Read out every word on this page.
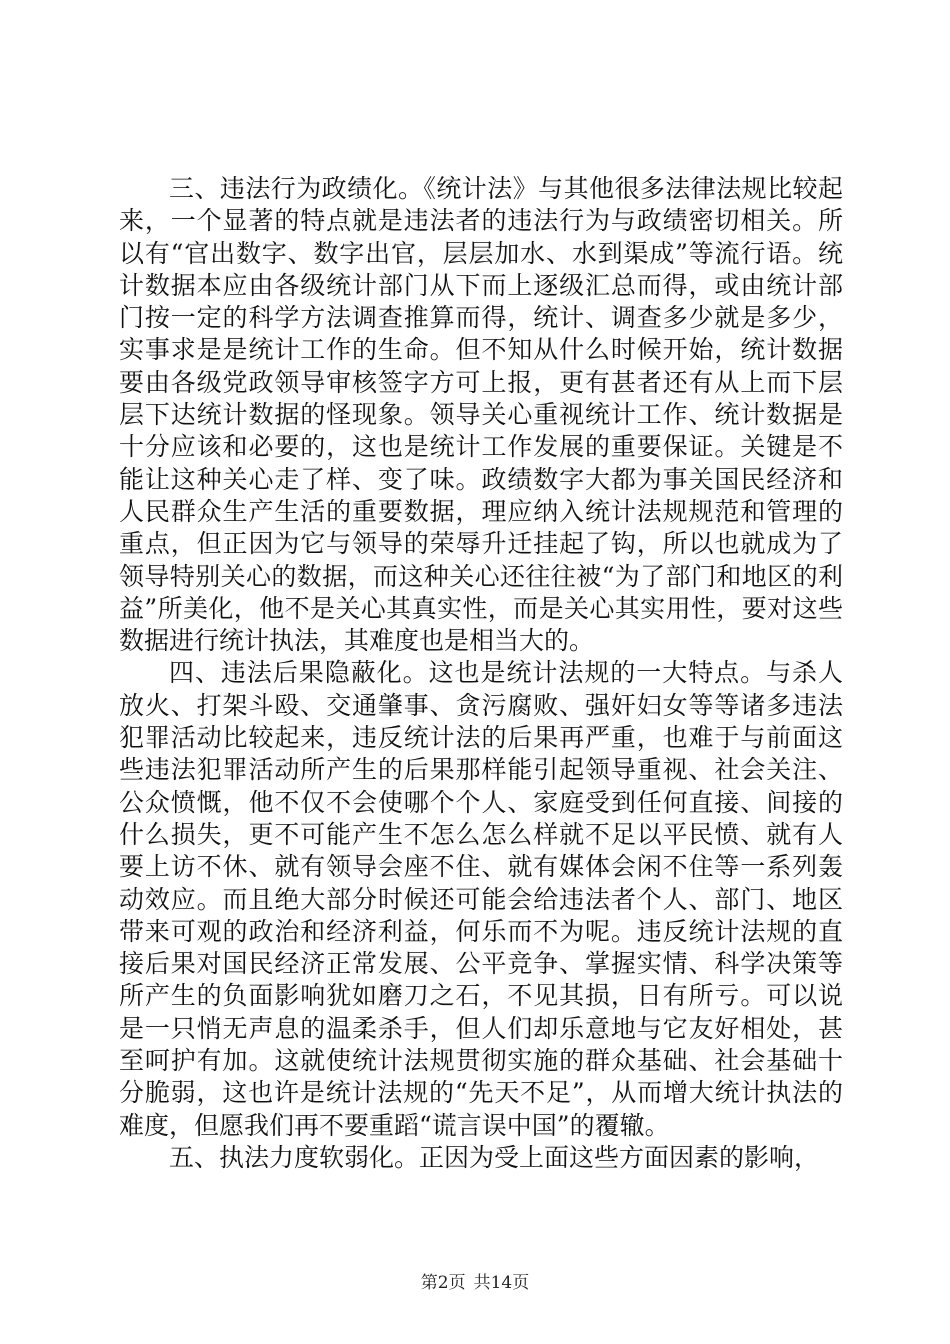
三、违法行为政绩化。《统计法》与其他很多法律法规比较起来，一个显著的特点就是违法者的违法行为与政绩密切相关。所以有“官出数字、数字出官，层层加水、水到渠成”等流行语。统计数据本应由各级统计部门从下而上逐级汇总而得，或由统计部门按一定的科学方法调查推算而得，统计、调查多少就是多少，实事求是是统计工作的生命。但不知从什么时候开始，统计数据要由各级党政领导审核签字方可上报，更有甚者还有从上而下层层下达统计数据的怪现象。领导关心重视统计工作、统计数据是十分应该和必要的，这也是统计工作发展的重要保证。关键是不能让这种关心走了样、变了味。政绩数字大都为事关国民经济和人民群众生产生活的重要数据，理应纳入统计法规规范和管理的重点，但正因为它与领导的荣辱升迁挂起了钩，所以也就成为了领导特别关心的数据，而这种关心还往往被“为了部门和地区的利益”所美化，他不是关心其真实性，而是关心其实用性，要对这些数据进行统计执法，其难度也是相当大的。

四、违法后果隐蔽化。这也是统计法规的一大特点。与杀人放火、打架斗殴、交通肇事、贪污腐败、强奸妇女等等诸多违法犯罪活动比较起来，违反统计法的后果再严重，也难于与前面这些违法犯罪活动所产生的后果那样能引起领导重视、社会关注、公众愤慨，他不仅不会使哪个个人、家庭受到任何直接、间接的什么损失，更不可能产生不怎么怎么样就不足以平民愤、就有人要上访不休、就有领导会座不住、就有媒体会闲不住等一系列轰动效应。而且绝大部分时候还可能会给违法者个人、部门、地区带来可观的政治和经济利益，何乐而不为呢。违反统计法规的直接后果对国民经济正常发展、公平竞争、掌握实情、科学决策等所产生的负面影响犹如磨刀之石，不见其损，日有所亏。可以说是一只悄无声息的温柔杀手，但人们却乐意地与它友好相处，甚至呵护有加。这就使统计法规贯彻实施的群众基础、社会基础十分脆弱，这也许是统计法规的“先天不足”，从而增大统计执法的难度，但愿我们再不要重蹈“谎言误中国”的覆辙。

五、执法力度软弱化。正因为受上面这些方面因素的影响，

第2页 共14页
